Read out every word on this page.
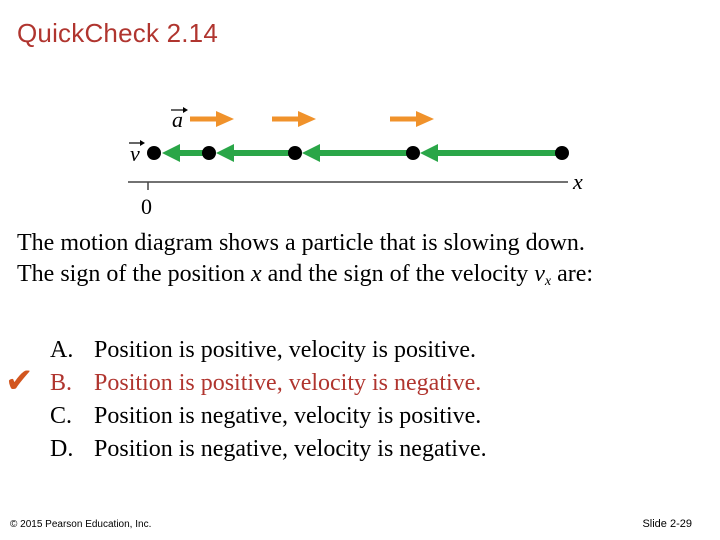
QuickCheck 2.14
a
v
x
0
The motion diagram shows a particle that is slowing down.
The sign of the position x and the sign of the velocity $v_x$ are:
✔
A. Position is positive, velocity is positive.
B. Position is positive, velocity is negative.
C. Position is negative, velocity is positive.
D. Position is negative, velocity is negative.
© 2015 Pearson Education, Inc.	Slide 2-29
